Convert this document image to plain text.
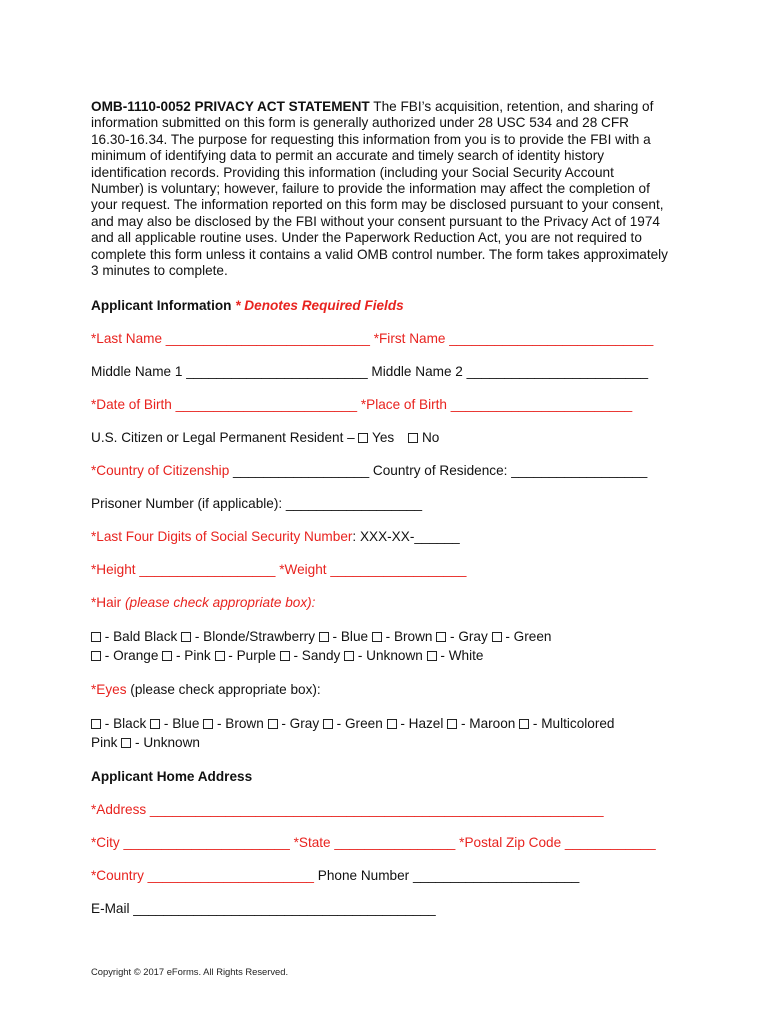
OMB-1110-0052 PRIVACY ACT STATEMENT The FBI’s acquisition, retention, and sharing of
information submitted on this form is generally authorized under 28 USC 534 and 28 CFR
16.30-16.34. The purpose for requesting this information from you is to provide the FBI with a
minimum of identifying data to permit an accurate and timely search of identity history
identification records. Providing this information (including your Social Security Account
Number) is voluntary; however, failure to provide the information may affect the completion of
your request. The information reported on this form may be disclosed pursuant to your consent,
and may also be disclosed by the FBI without your consent pursuant to the Privacy Act of 1974
and all applicable routine uses. Under the Paperwork Reduction Act, you are not required to
complete this form unless it contains a valid OMB control number. The form takes approximately
3 minutes to complete.

Applicant Information * Denotes Required Fields
*Last Name ___________________________ *First Name ___________________________
Middle Name 1 ________________________ Middle Name 2 ________________________
*Date of Birth ________________________ *Place of Birth ________________________
U.S. Citizen or Legal Permanent Resident –  Yes No
*Country of Citizenship __________________ Country of Residence: __________________
Prisoner Number (if applicable): __________________
*Last Four Digits of Social Security Number: XXX-XX-______
*Height __________________ *Weight __________________
*Hair (please check appropriate box):
- Bald Black  - Blonde/Strawberry  - Blue  - Brown  - Gray  - Green
- Orange  - Pink  - Purple  - Sandy  - Unknown  - White
*Eyes (please check appropriate box):
- Black  - Blue  - Brown  - Gray  - Green  - Hazel  - Maroon  - Multicolored
Pink  - Unknown
Applicant Home Address
*Address ____________________________________________________________
*City ______________________ *State ________________ *Postal Zip Code ____________
*Country ______________________ Phone Number ______________________
E-Mail ________________________________________
Copyright © 2017 eForms. All Rights Reserved.
